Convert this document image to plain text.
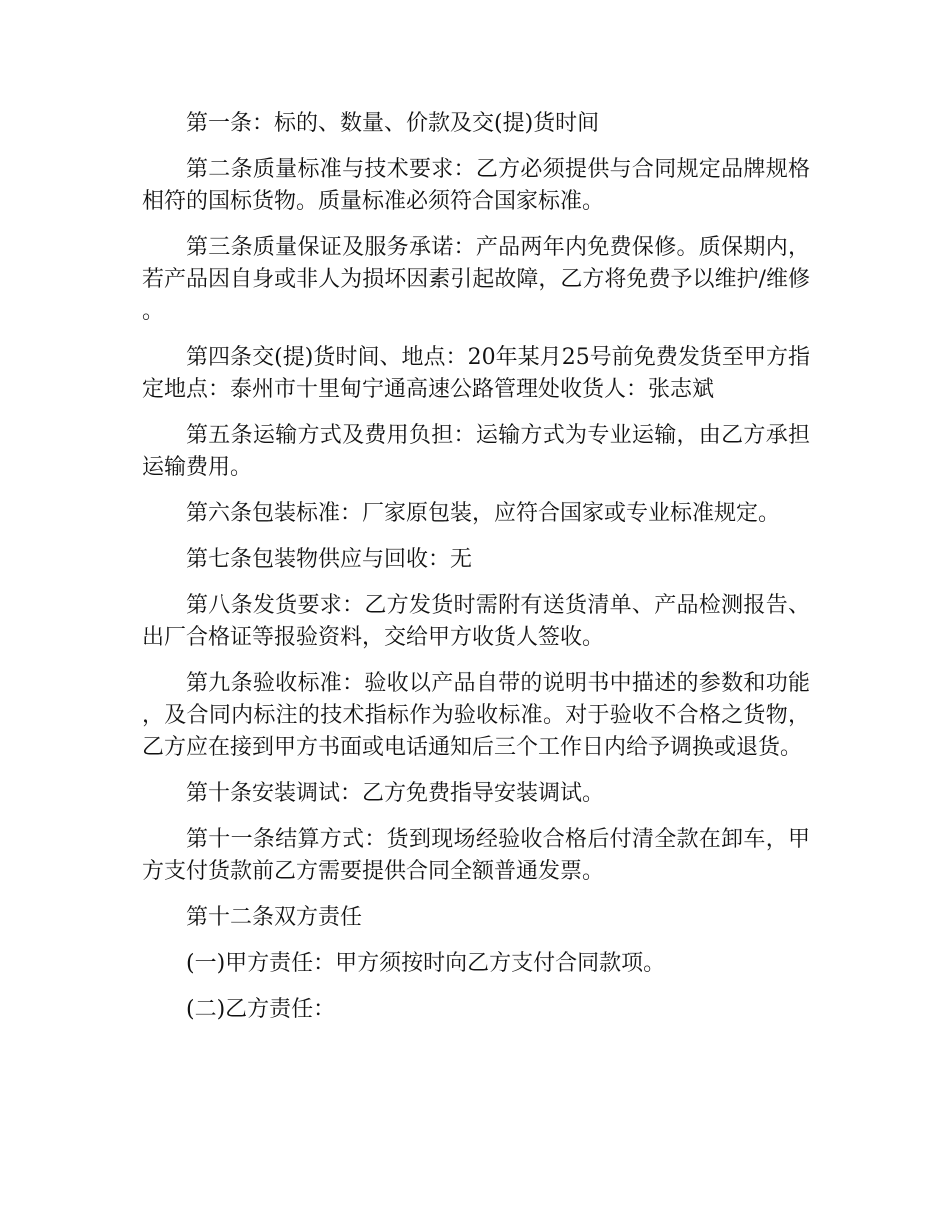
第一条：标的、数量、价款及交(提)货时间

第二条质量标准与技术要求：乙方必须提供与合同规定品牌规格相符的国标货物。质量标准必须符合国家标准。

第三条质量保证及服务承诺：产品两年内免费保修。质保期内，若产品因自身或非人为损坏因素引起故障，乙方将免费予以维护/维修。

第四条交(提)货时间、地点：20年某月25号前免费发货至甲方指定地点：泰州市十里甸宁通高速公路管理处收货人：张志斌

第五条运输方式及费用负担：运输方式为专业运输，由乙方承担运输费用。

第六条包装标准：厂家原包装，应符合国家或专业标准规定。

第七条包装物供应与回收：无

第八条发货要求：乙方发货时需附有送货清单、产品检测报告、出厂合格证等报验资料，交给甲方收货人签收。

第九条验收标准：验收以产品自带的说明书中描述的参数和功能，及合同内标注的技术指标作为验收标准。对于验收不合格之货物，乙方应在接到甲方书面或电话通知后三个工作日内给予调换或退货。

第十条安装调试：乙方免费指导安装调试。

第十一条结算方式：货到现场经验收合格后付清全款在卸车，甲方支付货款前乙方需要提供合同全额普通发票。

第十二条双方责任

(一)甲方责任：甲方须按时向乙方支付合同款项。

(二)乙方责任：
